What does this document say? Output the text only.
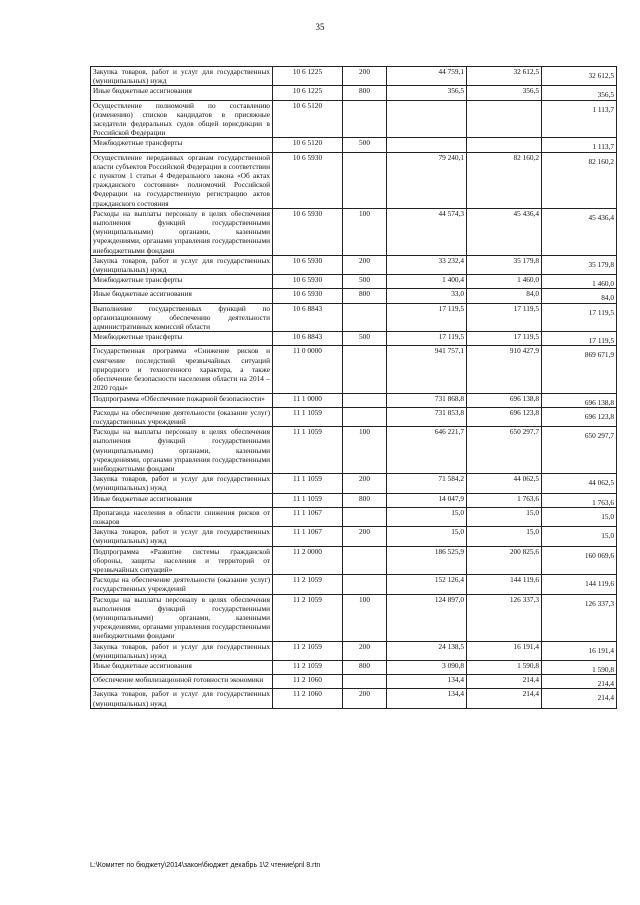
35
Закупка товаров, работ и услуг для государственных (муниципальных) нужд	10 6 1225	200	44 759,1	32 612,5	32 612,5
Иные бюджетные ассигнования	10 6 1225	800	356,5	356,5	356,5
Осуществление полномочий по составлению (изменению) списков кандидатов в присяжные заседатели федеральных судов общей юрисдикции в Российской Федерации	10 6 5120				1 113,7
Межбюджетные трансферты	10 6 5120	500			1 113,7
Осуществление переданных органам государственной власти субъектов Российской Федерации в соответствии с пунктом 1 статьи 4 Федерального закона «Об актах гражданского состояния» полномочий Российской Федерации на государственную регистрацию актов гражданского состояния	10 6 5930		79 240,1	82 160,2	82 160,2
Расходы на выплаты персоналу в целях обеспечения выполнения функций государственными (муниципальными) органами, казенными учреждениями, органами управления государственными внебюджетными фондами	10 6 5930	100	44 574,3	45 436,4	45 436,4
Закупка товаров, работ и услуг для государственных (муниципальных) нужд	10 6 5930	200	33 232,4	35 179,8	35 179,8
Межбюджетные трансферты	10 6 5930	500	1 400,4	1 460,0	1 460,0
Иные бюджетные ассигнования	10 6 5930	800	33,0	84,0	84,0
Выполнение государственных функций по организационному обеспечению деятельности административных комиссий области	10 6 8843		17 119,5	17 119,5	17 119,5
Межбюджетные трансферты	10 6 8843	500	17 119,5	17 119,5	17 119,5
Государственная программа «Снижение рисков и смягчение последствий чрезвычайных ситуаций природного и техногенного характера, а также обеспечение безопасности населения области на 2014 – 2020 годы»	11 0 0000		941 757,1	910 427,9	869 671,9
Подпрограмма «Обеспечение пожарной безопасности»	11 1 0000		731 868,8	696 138,8	696 138,8
Расходы на обеспечение деятельности (оказание услуг) государственных учреждений	11 1 1059		731 853,8	696 123,8	696 123,8
Расходы на выплаты персоналу в целях обеспечения выполнения функций государственными (муниципальными) органами, казенными учреждениями, органами управления государственными внебюджетными фондами	11 1 1059	100	646 221,7	650 297,7	650 297,7
Закупка товаров, работ и услуг для государственных (муниципальных) нужд	11 1 1059	200	71 584,2	44 062,5	44 062,5
Иные бюджетные ассигнования	11 1 1059	800	14 047,9	1 763,6	1 763,6
Пропаганда населения в области снижения рисков от пожаров	11 1 1067		15,0	15,0	15,0
Закупка товаров, работ и услуг для государственных (муниципальных) нужд	11 1 1067	200	15,0	15,0	15,0
Подпрограмма «Развитие системы гражданской обороны, защиты населения и территорий от чрезвычайных ситуаций»	11 2 0000		186 525,9	200 825,6	160 069,6
Расходы на обеспечение деятельности (оказание услуг) государственных учреждений	11 2 1059		152 126,4	144 119,6	144 119,6
Расходы на выплаты персоналу в целях обеспечения выполнения функций государственными (муниципальными) органами, казенными учреждениями, органами управления государственными внебюджетными фондами	11 2 1059	100	124 897,0	126 337,3	126 337,3
Закупка товаров, работ и услуг для государственных (муниципальных) нужд	11 2 1059	200	24 138,5	16 191,4	16 191,4
Иные бюджетные ассигнования	11 2 1059	800	3 090,8	1 590,8	1 590,8
Обеспечение мобилизационной готовности экономики	11 2 1060		134,4	214,4	214,4
Закупка товаров, работ и услуг для государственных (муниципальных) нужд	11 2 1060	200	134,4	214,4	214,4
L:\Комитет по бюджету\2014\закон\бюджет декабрь 1\2 чтение\pril 8.rtn
